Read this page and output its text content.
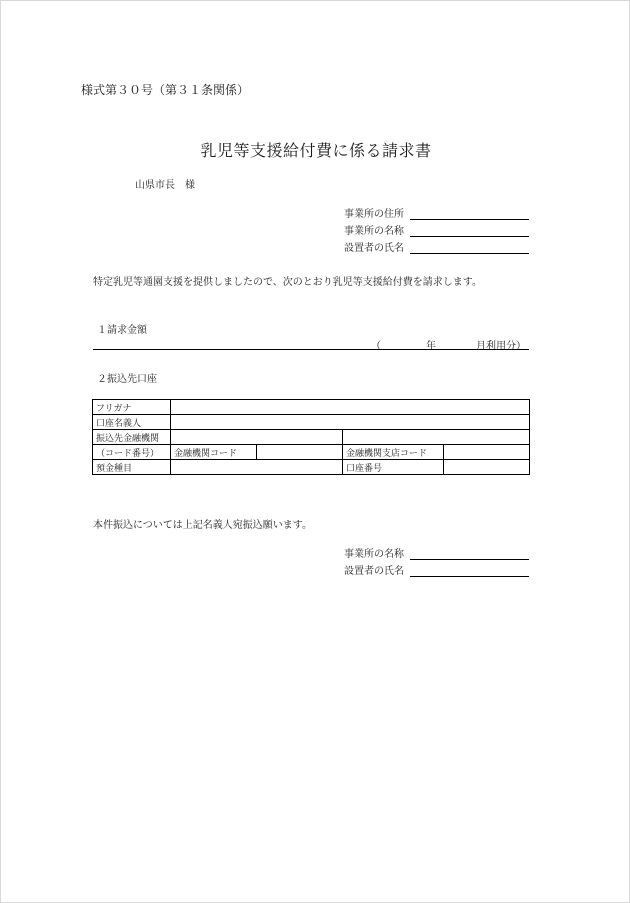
様式第３０号（第３１条関係）
乳児等支援給付費に係る請求書
山県市長　様
事業所の住所
事業所の名称
設置者の氏名
特定乳児等通園支援を提供しましたので、次のとおり乳児等支援給付費を請求します。
１請求金額
（	年	月利用分）
２振込先口座
フリガナ				
口座名義人				
振込先金融機関				
（コード番号）	金融機関コード		金融機関支店コード	
預金種目			口座番号	
本件振込については上記名義人宛振込願います。
事業所の名称
設置者の氏名
